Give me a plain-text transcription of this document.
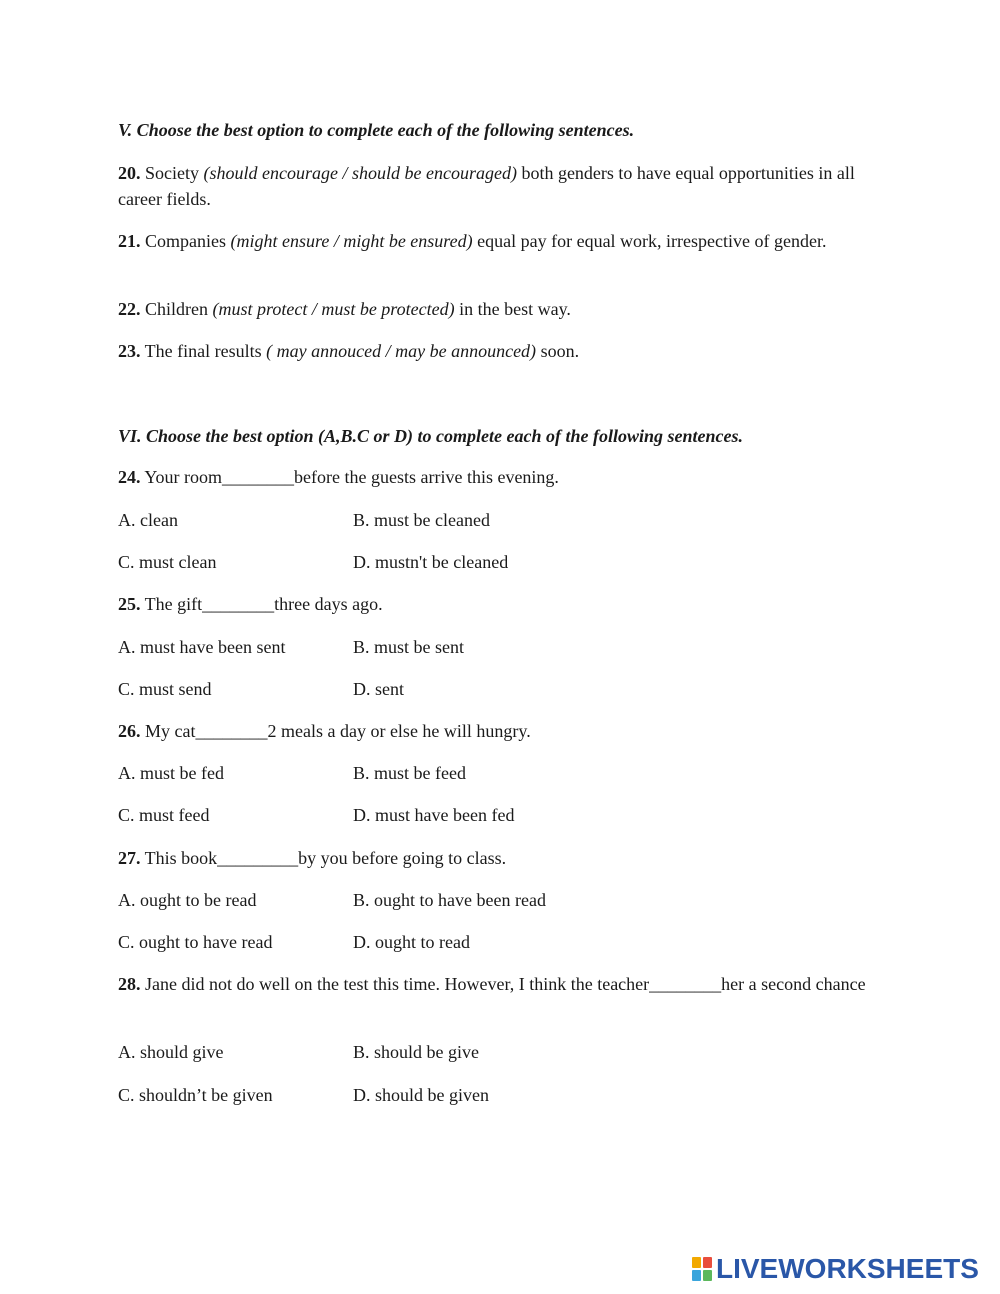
V. Choose the best option to complete each of the following sentences.

20. Society (should encourage / should be encouraged) both genders to have equal opportunities in all career fields.

21. Companies (might ensure / might be ensured) equal pay for equal work, irrespective of gender.

22. Children (must protect / must be protected) in the best way.

23. The final results ( may annouced / may be announced) soon.

VI. Choose the best option (A,B.C or D) to complete each of the following sentences.

24. Your room________before the guests arrive this evening.

A. clean	B. must be cleaned
C. must clean	D. mustn't be cleaned

25. The gift________three days ago.

A. must have been sent	B. must be sent
C. must send	D. sent

26. My cat________2 meals a day or else he will hungry.

A. must be fed	B. must be feed
C. must feed	D. must have been fed

27. This book_________by you before going to class.

A. ought to be read	B. ought to have been read
C. ought to have read	D. ought to read

28. Jane did not do well on the test this time. However, I think the teacher________her a second chance

A. should give	B. should be give
C. shouldn’t be given	D. should be given
LIVEWORKSHEETS
